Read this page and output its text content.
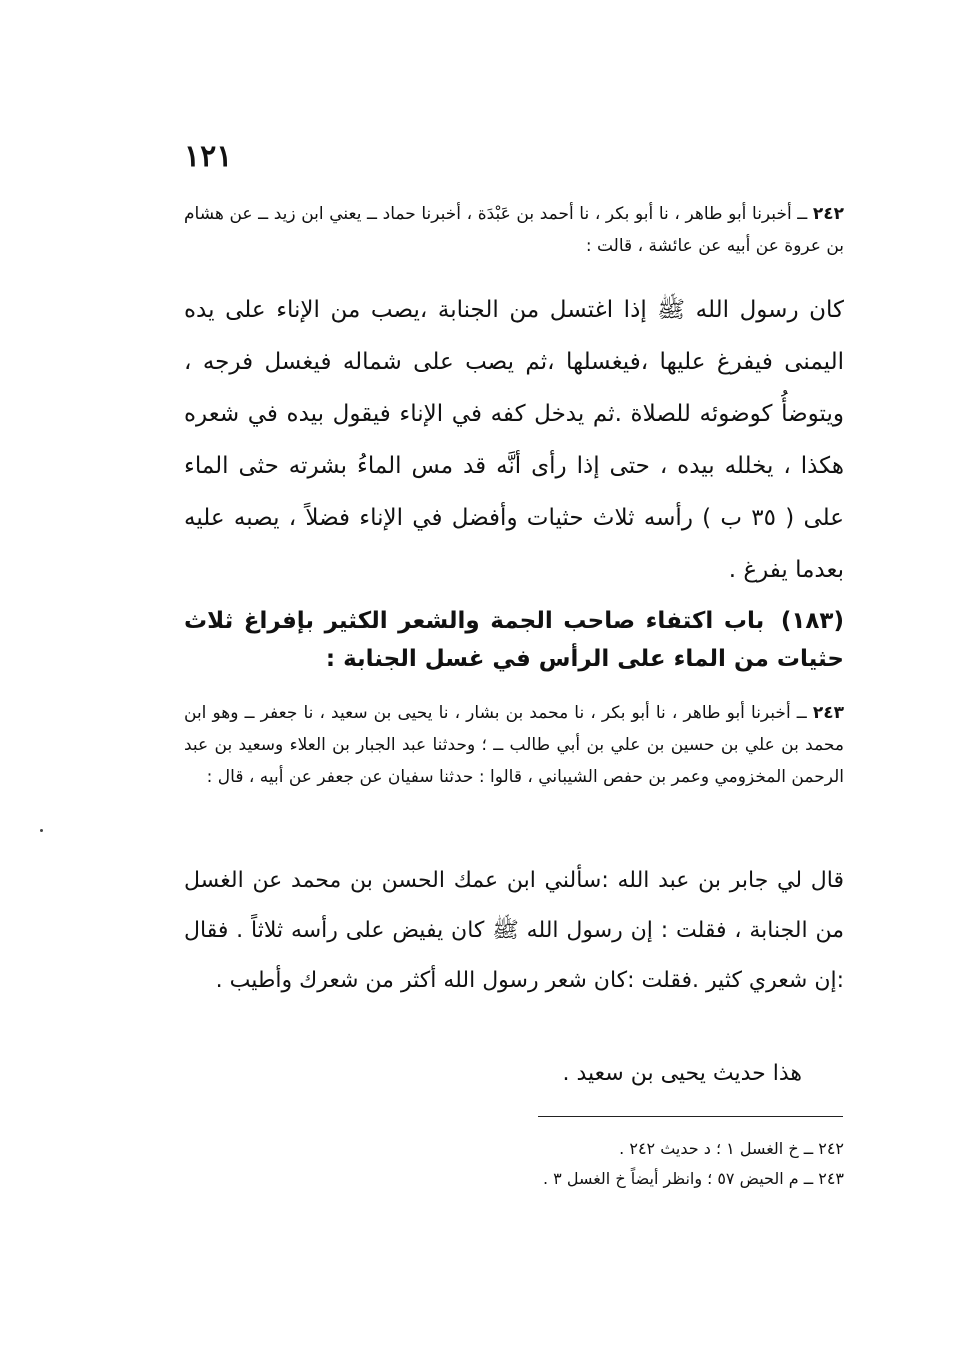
١٢١
٢٤٢ ــ أخبرنا أبو طاهر ، نا أبو بكر ، نا أحمد بن عَبْدَة ، أخبرنا حماد ــ يعني ابن زيد ــ عن هشام بن عروة عن أبيه عن عائشة ، قالت :
كان رسول الله ﷺ إذا اغتسل من الجنابة ،يصب من الإناء على يده اليمنى فيفرغ عليها ،فيغسلها ،ثم يصب على شماله فيغسل فرجه ، ويتوضأُ كوضوئه للصلاة .ثم يدخل كفه في الإناء فيقول بيده في شعره هكذا ، يخلله بيده ، حتى إذا رأى أنَّه قد مس الماءُ بشرته حثى الماء على ( ٣٥ ب ) رأسه ثلاث حثيات وأفضل في الإناء فضلاً ، يصبه عليه بعدما يفرغ .
(١٨٣) باب اكتفاء صاحب الجمة والشعر الكثير بإفراغ ثلاث حثيات من الماء على الرأس في غسل الجنابة :
٢٤٣ ــ أخبرنا أبو طاهر ، نا أبو بكر ، نا محمد بن بشار ، نا يحيى بن سعيد ، نا جعفر ــ وهو ابن محمد بن علي بن حسين بن علي بن أبي طالب ــ ؛ وحدثنا عبد الجبار بن العلاء وسعيد بن عبد الرحمن المخزومي وعمر بن حفص الشيباني ، قالوا : حدثنا سفيان عن جعفر عن أبيه ، قال :
قال لي جابر بن عبد الله :سألني ابن عمك الحسن بن محمد عن الغسل من الجنابة ، فقلت : إن رسول الله ﷺ كان يفيض على رأسه ثلاثاً . فقال :إن شعري كثير .فقلت :كان شعر رسول الله أكثر من شعرك وأطيب .
هذا حديث يحيى بن سعيد .
٢٤٢ ــ خ الغسل ١ ؛ د حديث ٢٤٢ .
٢٤٣ ــ م الحيض ٥٧ ؛ وانظر أيضاً خ الغسل ٣ .
